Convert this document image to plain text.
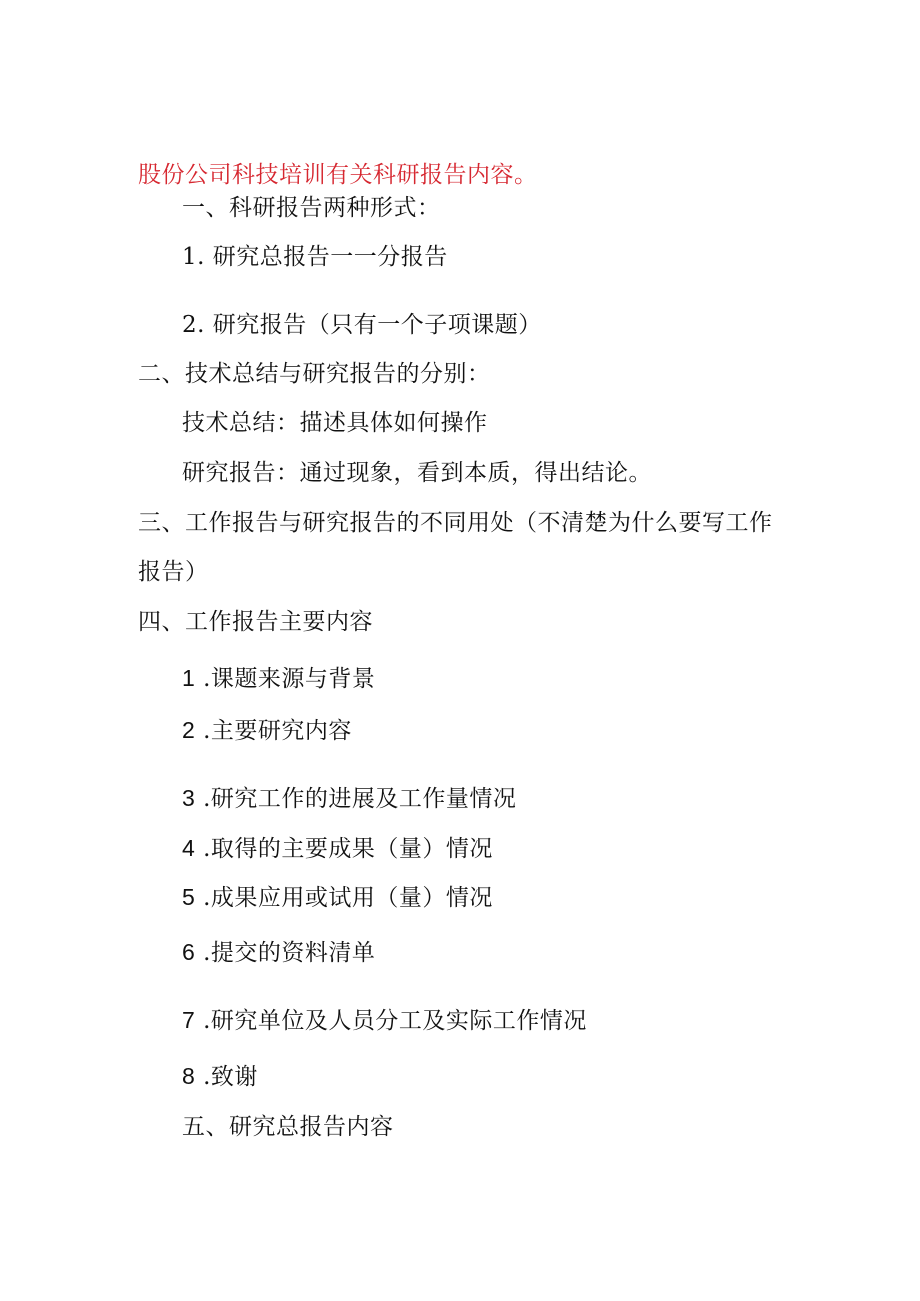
股份公司科技培训有关科研报告内容。
一、科研报告两种形式：
1. 研究总报告一一分报告
2. 研究报告（只有一个子项课题）
二、技术总结与研究报告的分别：
技术总结：描述具体如何操作
研究报告：通过现象，看到本质，得出结论。
三、工作报告与研究报告的不同用处（不清楚为什么要写工作
报告）
四、工作报告主要内容
1 .课题来源与背景
2 .主要研究内容
3 .研究工作的进展及工作量情况
4 .取得的主要成果（量）情况
5 .成果应用或试用（量）情况
6 .提交的资料清单
7 .研究单位及人员分工及实际工作情况
8 .致谢
五、研究总报告内容
